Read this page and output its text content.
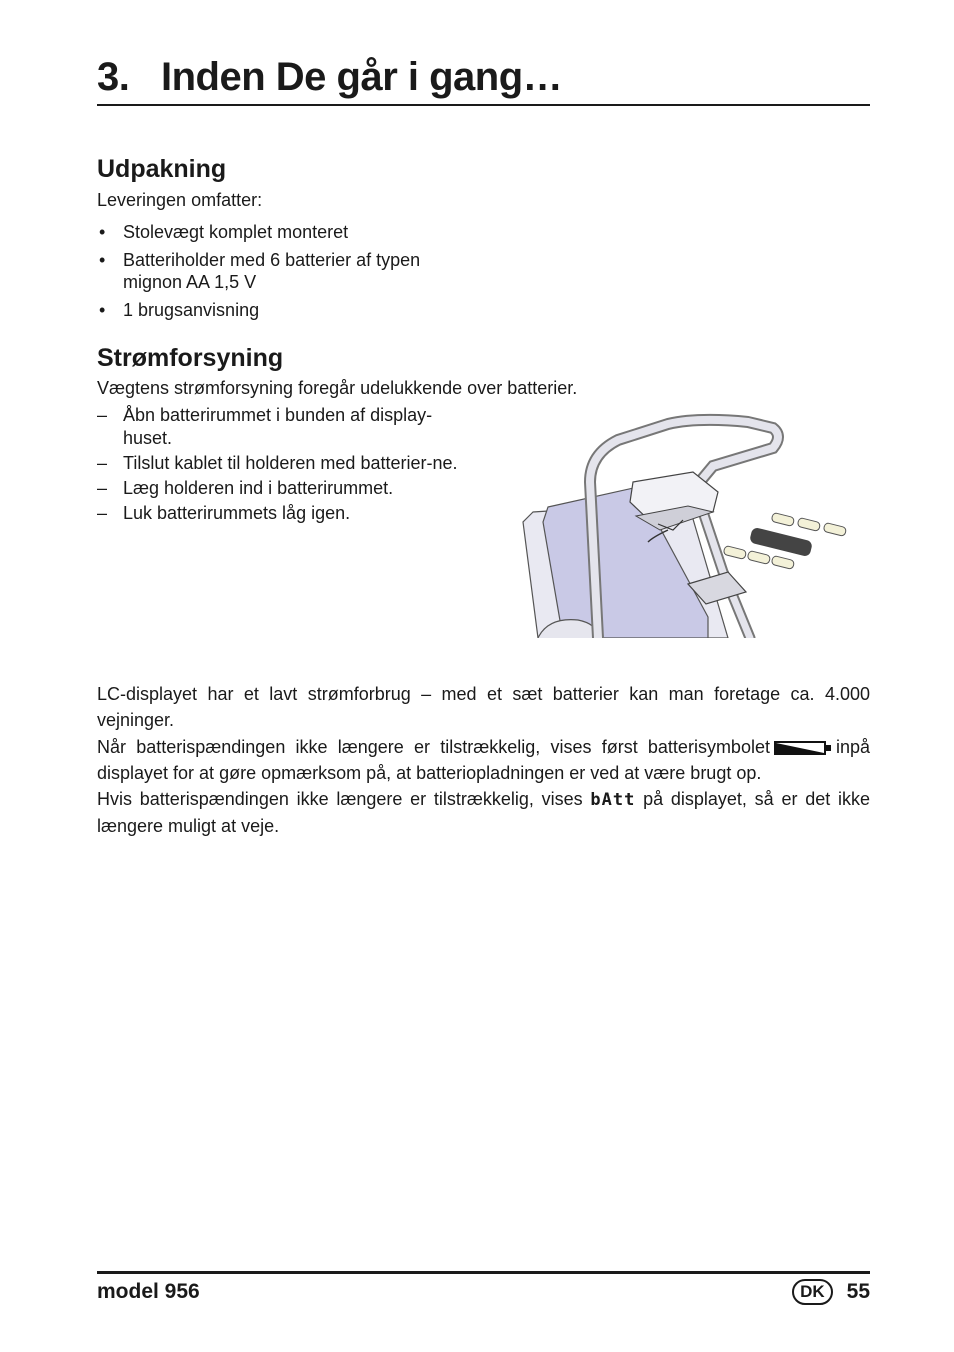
3. Inden De går i gang…
Udpakning

Leveringen omfatter:

• Stolevægt komplet monteret
• Batteriholder med 6 batterier af typen mignon AA 1,5 V
• 1 brugsanvisning
Strømforsyning

Vægtens strømforsyning foregår udelukkende over batterier.

– Åbn batterirummet i bunden af display-huset.
– Tilslut kablet til holderen med batterier-ne.
– Læg holderen ind i batterirummet.
– Luk batterirummets låg igen.

LC-displayet har et lavt strømforbrug – med et sæt batterier kan man foretage ca. 4.000 vejninger.

Når batterispændingen ikke længere er tilstrækkelig, vises først batterisymbolet	inpå displayet for at gøre opmærksom på, at batteriopladningen er ved at være brugt op.

Hvis batterispændingen ikke længere er tilstrækkelig, vises bAtt på displayet, så er det ikke længere muligt at veje.

model 956	DK	55
